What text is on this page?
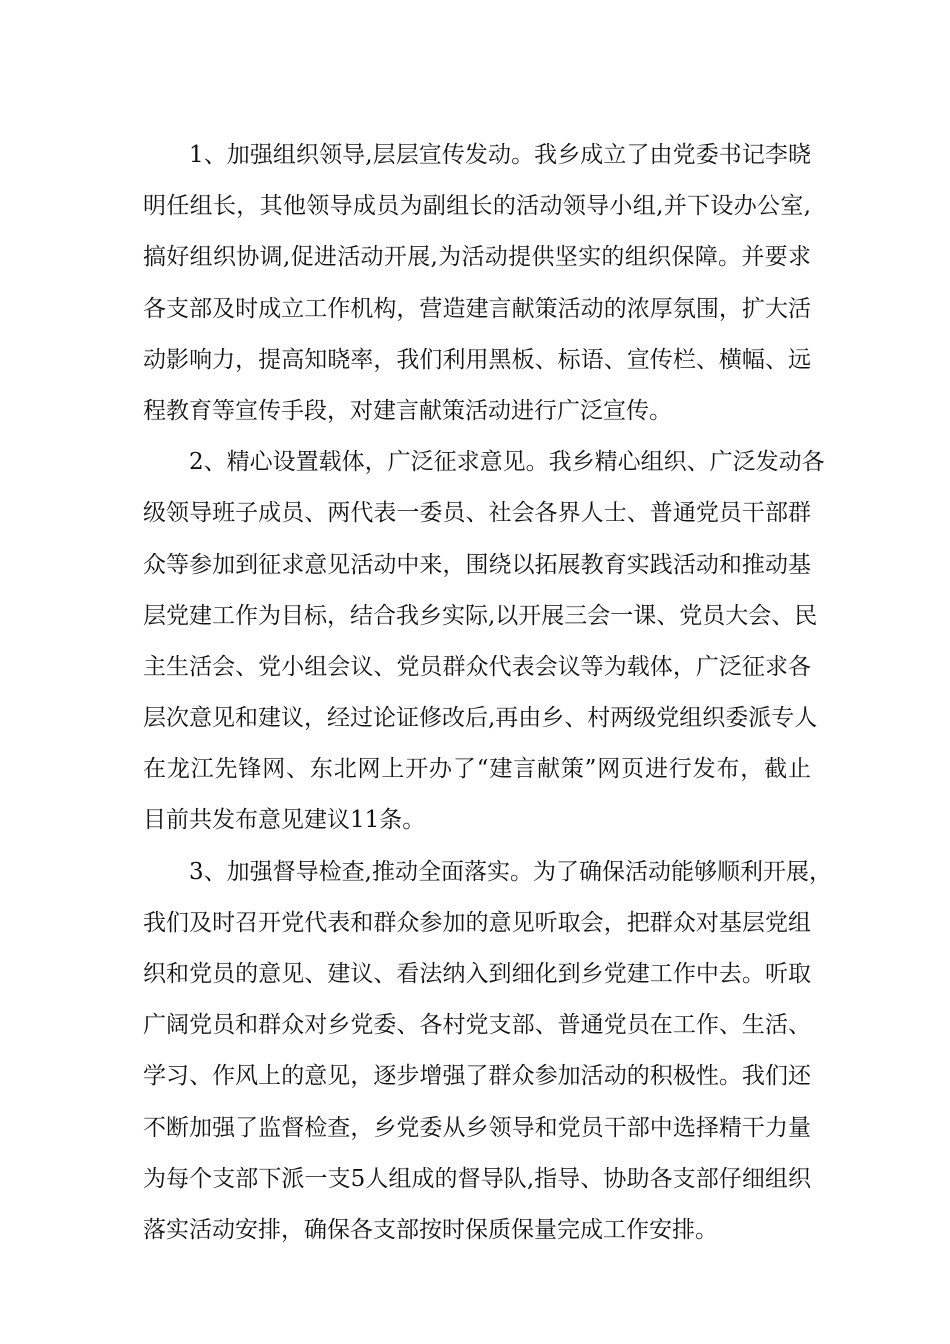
1、加强组织领导,层层宣传发动。我乡成立了由党委书记李晓
明任组长，其他领导成员为副组长的活动领导小组,并下设办公室,
搞好组织协调,促进活动开展,为活动提供坚实的组织保障。并要求
各支部及时成立工作机构，营造建言献策活动的浓厚氛围，扩大活
动影响力，提高知晓率，我们利用黑板、标语、宣传栏、横幅、远
程教育等宣传手段，对建言献策活动进行广泛宣传。
2、精心设置载体，广泛征求意见。我乡精心组织、广泛发动各
级领导班子成员、两代表一委员、社会各界人士、普通党员干部群
众等参加到征求意见活动中来，围绕以拓展教育实践活动和推动基
层党建工作为目标，结合我乡实际,以开展三会一课、党员大会、民
主生活会、党小组会议、党员群众代表会议等为载体，广泛征求各
层次意见和建议，经过论证修改后,再由乡、村两级党组织委派专人
在龙江先锋网、东北网上开办了“建言献策”网页进行发布，截止
目前共发布意见建议11条。
3、加强督导检查,推动全面落实。为了确保活动能够顺利开展，
我们及时召开党代表和群众参加的意见听取会，把群众对基层党组
织和党员的意见、建议、看法纳入到细化到乡党建工作中去。听取
广阔党员和群众对乡党委、各村党支部、普通党员在工作、生活、
学习、作风上的意见，逐步增强了群众参加活动的积极性。我们还
不断加强了监督检查，乡党委从乡领导和党员干部中选择精干力量
为每个支部下派一支5人组成的督导队,指导、协助各支部仔细组织
落实活动安排，确保各支部按时保质保量完成工作安排。
